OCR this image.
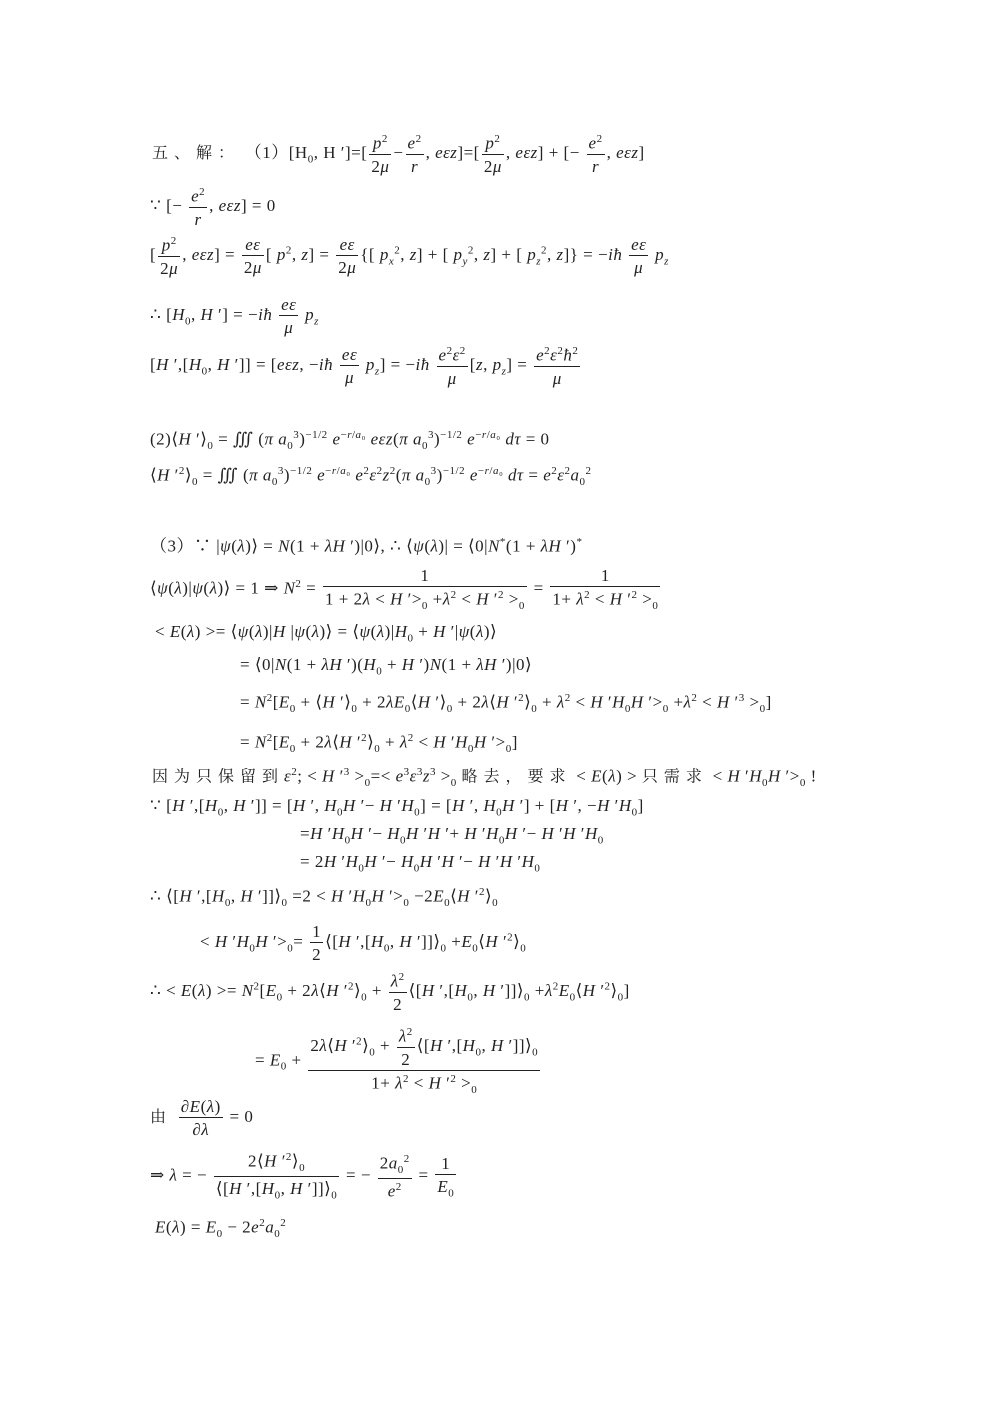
五、解： $(1)[H_0$, H ′]=[ $\frac{p^2}{2\mu} - \frac{e^2}{r}$ , $e\varepsilon z]=[ \frac{p^2}{2\mu}$ , eεz] + [− $\frac{e^2}{r}$ , eεz]
∵ [− $\frac{e^2}{r}$ , eεz] = 0
[ $\frac{p^2}{2\mu}$ , $e\varepsilon z] = \frac{e\varepsilon}{2\mu}$ [ $p^2$, $z] = \frac{e\varepsilon}{2\mu}$ {[ $p_x^2$, z] + [ $p_y^2$, z] + [ $p_z^2$, z]} = −iħ $\frac{e\varepsilon}{\mu} p_z$
∴ [$H_0$, H ′] = −iħ $\frac{e\varepsilon}{\mu} p_z$
[H $',[H_0$, H ′]] = [eεz, −iħ $\frac{e\varepsilon}{\mu} p_z$] = −iħ $\frac{e^2\varepsilon^2}{\mu} [z$, $p_z] = \frac{e^2\varepsilon^2ħ^2}{\mu}$
(2)⟨H $'⟩_0$ = ∭ (π $a_0^3)^{-1/2}$ $e^{-r/a_0}$ eεz(π $a_0^3)^{-1/2}$ $e^{-r/a_0}$ dτ = 0
⟨H $'^2⟩_0$ = ∭ (π $a_0^3)^{-1/2}$ $e^{-r/a_0}$ $e^2\varepsilon^2z^2(\pi$ $a_0^3)^{-1/2}$ $e^{-r/a_0}$ $d\tau = e^2\varepsilon^2a_0^2$
（3）∵ |ψ(λ)⟩ = N(1 + λH ′)|0⟩, ∴ ⟨ψ(λ)| = ⟨0|N*(1 + λH ′)*
⟨ψ(λ)|ψ(λ)⟩ = 1 ⇒ $N^2 = \frac{1}{1 + 2\lambda < H '>_0 +\lambda^2 < H '^2 >_0} = \frac{1}{1+ \lambda^2 < H '^2 >_0}$
< E(λ) >= ⟨ψ(λ)|H |ψ(λ)⟩ = $⟨\psi(\lambda)|H_0 + H$ ′|ψ(λ)⟩
= ⟨0|N(1 + λH $')(H_0 + H$ ′)N(1 + λH ′)|0⟩
= $N^2[E_0$ + ⟨H $'⟩_0$ + $2\lambda E_0⟨H$ $'⟩_0$ + 2λ⟨H $'^2⟩_0 + \lambda^2 < H$ $'H_0H$ $'>_0 +\lambda^2 < H$ $'^3 >_0$]
= $N^2[E_0$ + 2λ⟨H $'^2⟩_0 + \lambda^2 < H$ $'H_0H$ $'>_0$]
因为只保留到$\varepsilon^2$; < H $'^3 >_0=< e^3\varepsilon^3z^3 >_0$ 略去，要求 < E(λ) > 只需求 < H $'H_0H$ $'>_0$ !
∵ [H $',[H_0$, H ′]] = [H ′, $H_0H$ ′− H $'H_0] = [H$ ′, $H_0H$ ′] + [H ′, −H $'H_0$]
=H $'H_0H$ ′− $H_0H$ ′H ′+ H $'H_0H$ ′− H ′H $'H_0$
= 2H $'H_0H$ ′− $H_0H$ ′H ′− H ′H $'H_0$
∴ ⟨[H $',[H_0$, H $']]⟩_0 =2 < H$ $'H_0H$ $'>_0$ $-2E_0⟨H$ $'^2⟩_0$
< H $'H_0H$ $'>_0= \frac{1}{2}$ ⟨[H $',[H_0$, H $']]⟩_0$ $+E_0⟨H$ $'^2⟩_0$
∴ < $E(\lambda) >= N^2[E_0$ + 2λ⟨H $'^2⟩_0 + \frac{\lambda^2}{2}$ ⟨[H $',[H_0$, H $']]⟩_0$ $+\lambda^2E_0⟨H$ $'^2⟩_0$]
= $E_0 + \frac{2\lambda⟨H '^2⟩_0 + \frac{\lambda^2}{2} ⟨[H ',[H_0, H ']]⟩_0}{1+ \lambda^2 < H '^2 >_0}$
由 $\frac{\partial E(\lambda)}{\partial\lambda} = 0$
⇒ λ = − $\frac{2⟨H '^2⟩_0}{⟨[H ',[H_0, H ']]⟩_0}$ = − $\frac{2a_0^2}{e^2} = \frac{1}{E_0}$
$E(\lambda) = E_0 - 2e^2a_0^2$
